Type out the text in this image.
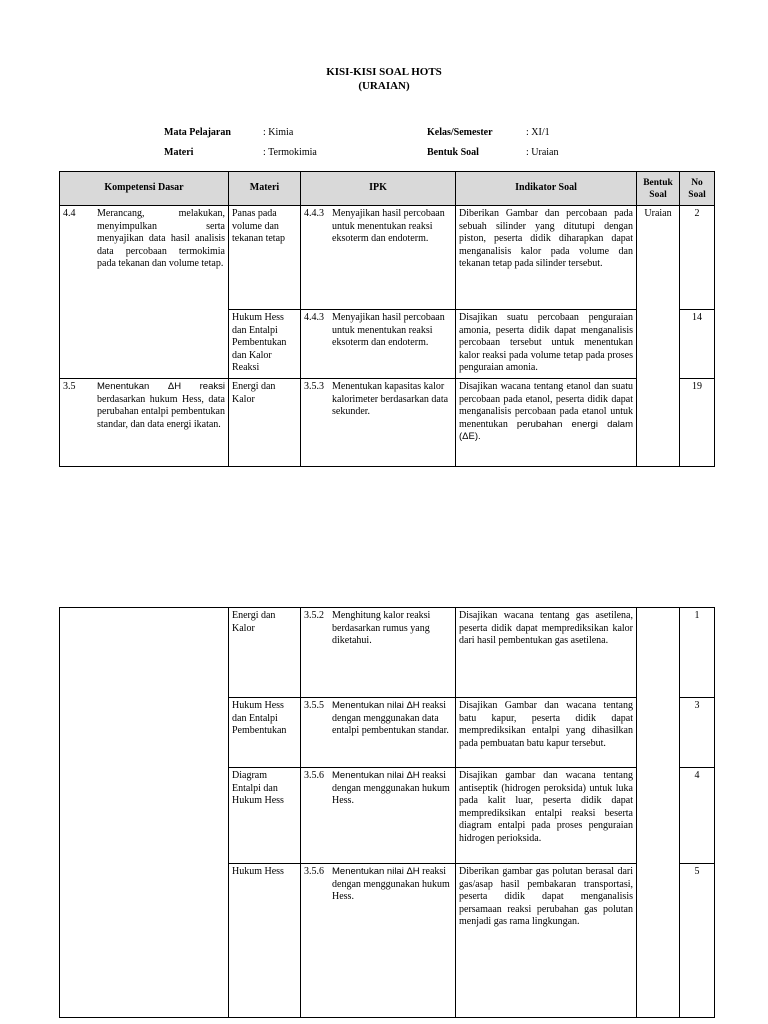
KISI-KISI SOAL HOTS
(URAIAN)
Mata Pelajaran	: Kimia	Kelas/Semester	: XI/1
Materi	: Termokimia	Bentuk Soal	: Uraian
Kompetensi Dasar	Materi	IPK	Indikator Soal	Bentuk Soal	No Soal

4.4 Merancang, melakukan, menyimpulkan serta menyajikan data hasil analisis data percobaan termokimia pada tekanan dan volume tetap.	Panas pada volume dan tekanan tetap	4.4.3 Menyajikan hasil percobaan untuk menentukan reaksi eksoterm dan endoterm.	Diberikan Gambar dan percobaan pada sebuah silinder yang ditutupi dengan piston, peserta didik diharapkan dapat menganalisis kalor pada volume dan tekanan tetap pada silinder tersebut.	Uraian	2
	Hukum Hess dan Entalpi Pembentukan dan Kalor Reaksi	4.4.3 Menyajikan hasil percobaan untuk menentukan reaksi eksoterm dan endoterm.	Disajikan suatu percobaan penguraian amonia, peserta didik dapat menganalisis percobaan tersebut untuk menentukan kalor reaksi pada volume tetap pada proses penguraian amonia.		14

3.5 Menentukan ΔH reaksi berdasarkan hukum Hess, data perubahan entalpi pembentukan standar, dan data energi ikatan.	Energi dan Kalor	3.5.3 Menentukan kapasitas kalor kalorimeter berdasarkan data sekunder.	Disajikan wacana tentang etanol dan suatu percobaan pada etanol, peserta didik dapat menganalisis percobaan pada etanol untuk menentukan perubahan energi dalam (ΔE).		19
	Energi dan Kalor	3.5.2 Menghitung kalor reaksi berdasarkan rumus yang diketahui.	Disajikan wacana tentang gas asetilena, peserta didik dapat memprediksikan kalor dari hasil pembentukan gas asetilena.		1
	Hukum Hess dan Entalpi Pembentukan	3.5.5 Menentukan nilai ΔH reaksi dengan menggunakan data entalpi pembentukan standar.	Disajikan Gambar dan wacana tentang batu kapur, peserta didik dapat memprediksikan entalpi yang dihasilkan pada pembuatan batu kapur tersebut.		3
	Diagram Entalpi dan Hukum Hess	3.5.6 Menentukan nilai ΔH reaksi dengan menggunakan hukum Hess.	Disajikan gambar dan wacana tentang antiseptik (hidrogen peroksida) untuk luka pada kalit luar, peserta didik dapat memprediksikan entalpi reaksi beserta diagram entalpi pada proses penguraian hidrogen perioksida.		4
	Hukum Hess	3.5.6 Menentukan nilai ΔH reaksi dengan menggunakan hukum Hess.	Diberikan gambar gas polutan berasal dari gas/asap hasil pembakaran transportasi, peserta didik dapat menganalisis persamaan reaksi perubahan gas polutan menjadi gas rama lingkungan.		5
